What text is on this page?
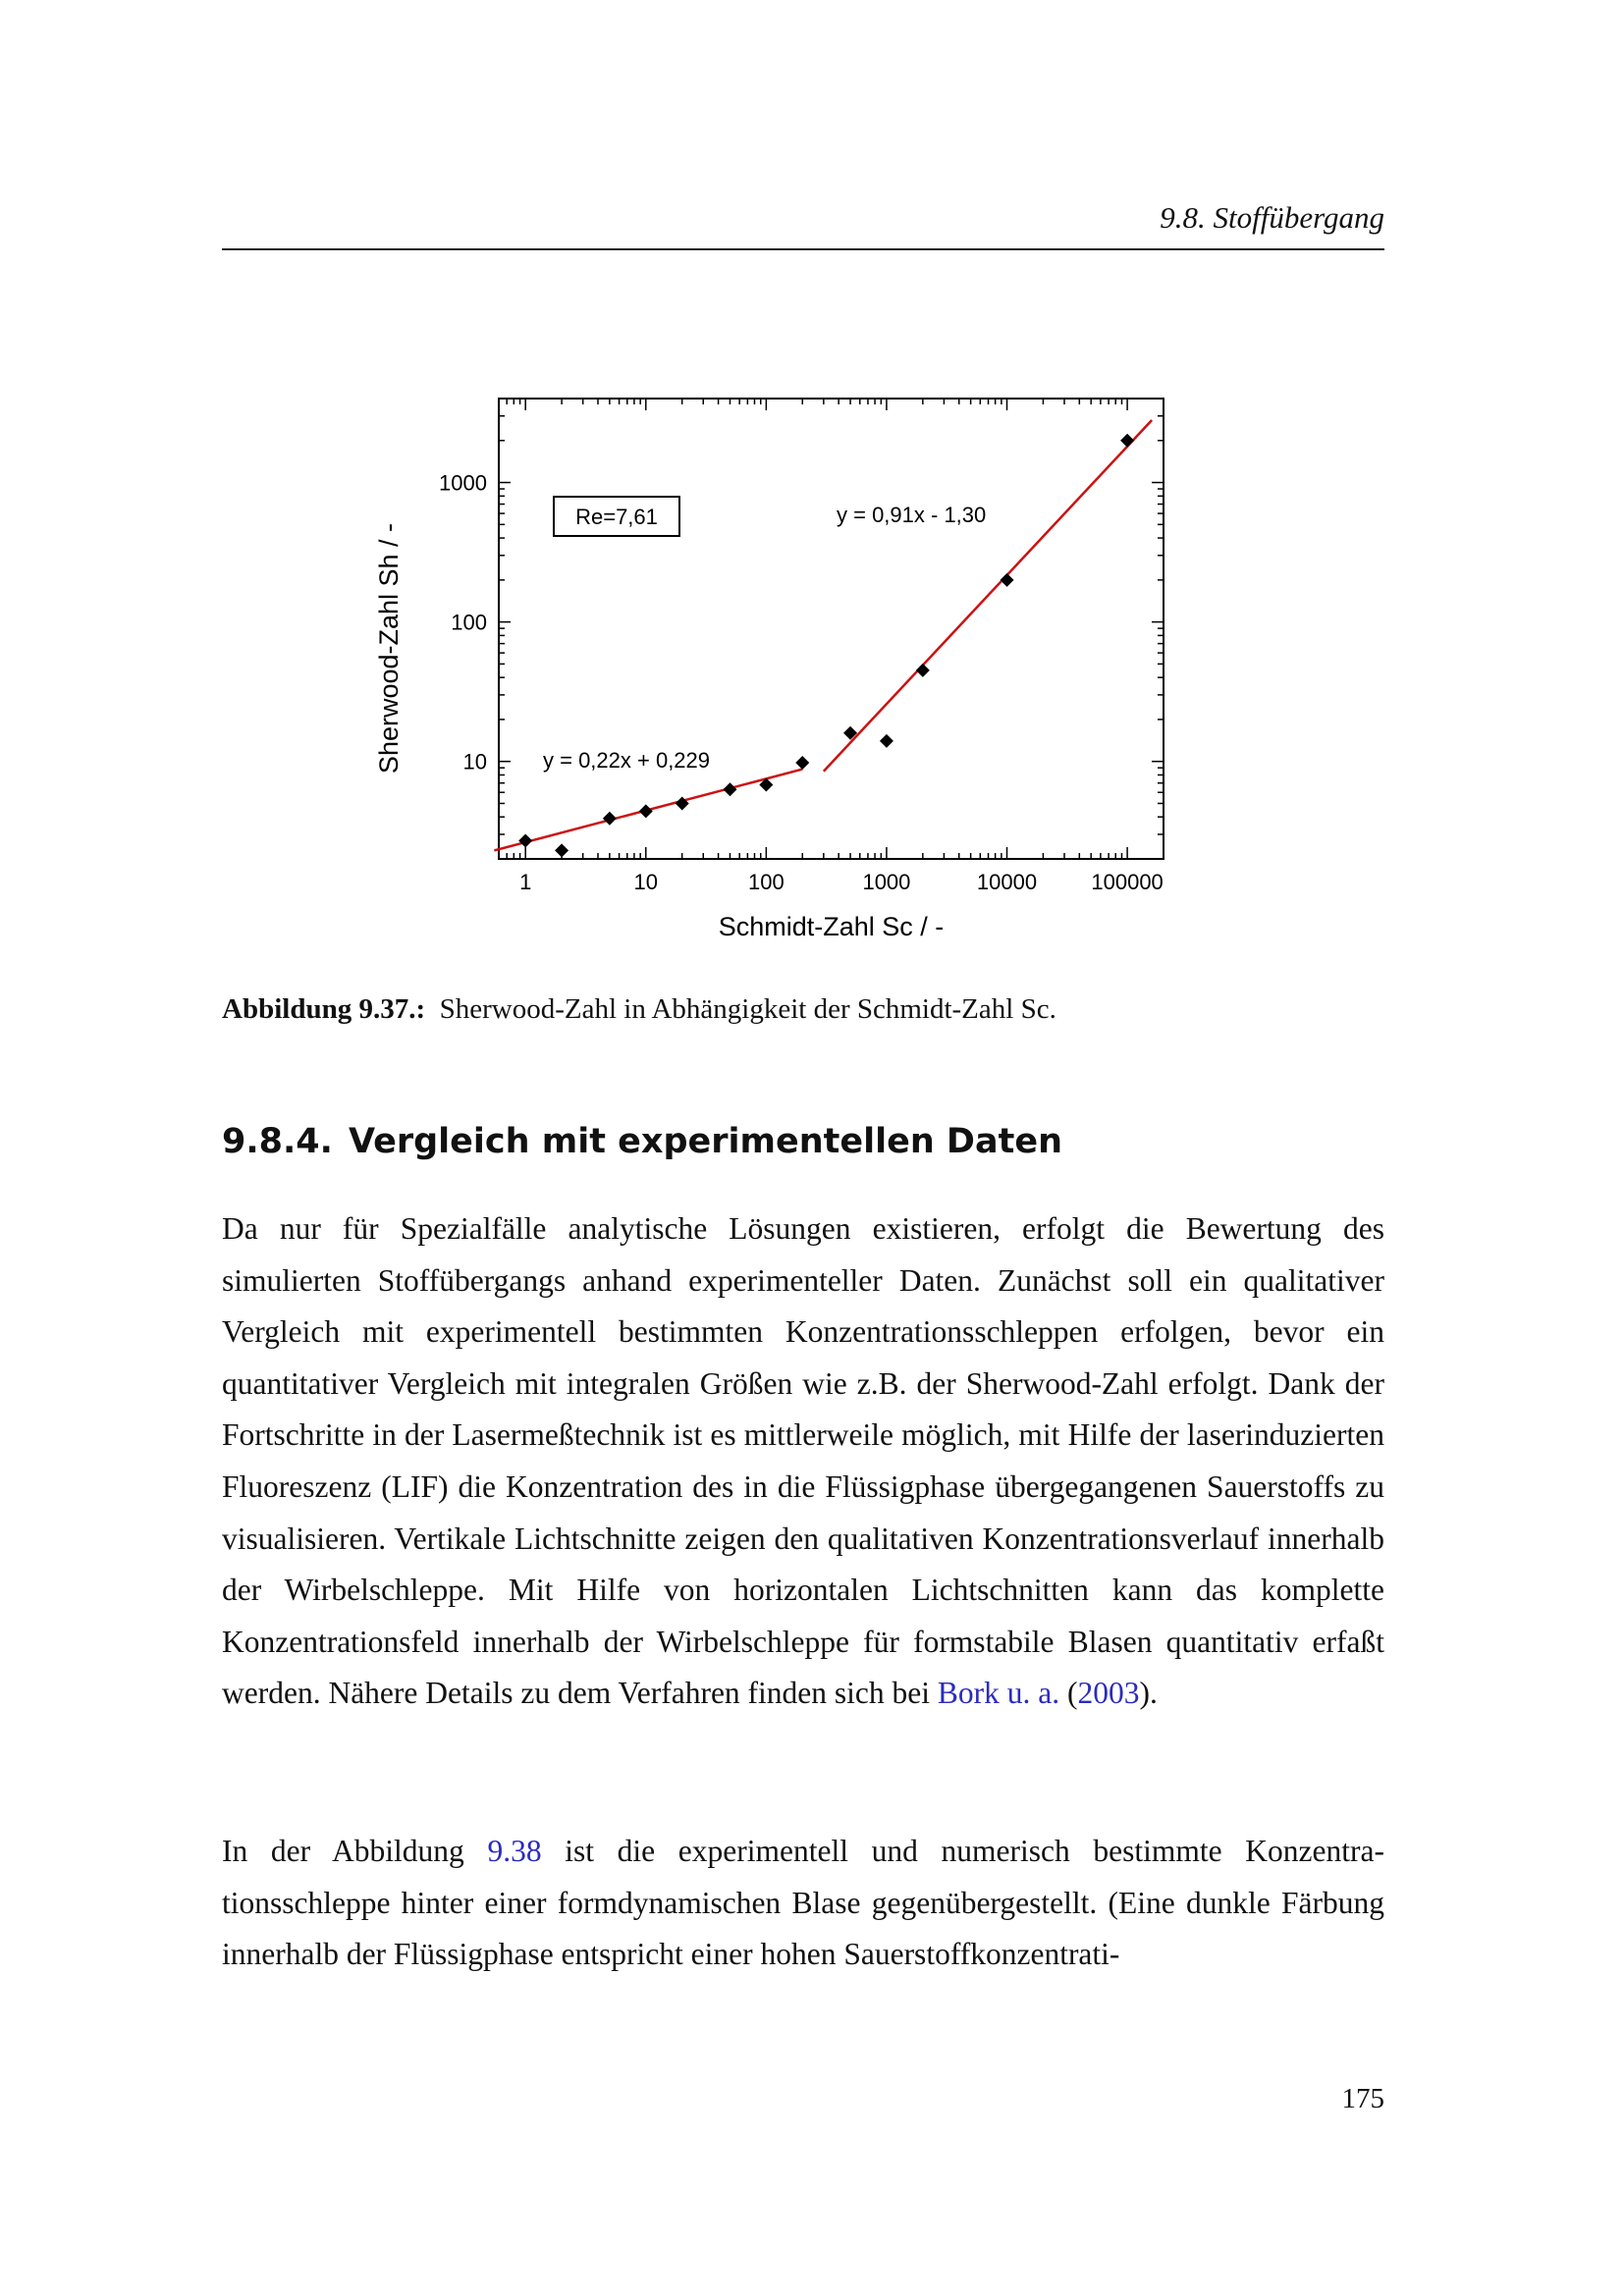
9.8. Stoffübergang
1	10	100	1000	10000	100000
10
100
1000
Schmidt-Zahl Sc / -
Sherwood-Zahl Sh / -	y = 0,22x + 0,229
y = 0,91x - 1,30
Re=7,61
Abbildung 9.37.: Sherwood-Zahl in Abhängigkeit der Schmidt-Zahl Sc.
9.8.4. Vergleich mit experimentellen Daten

Da nur für Spezialfälle analytische Lösungen existieren, erfolgt die Bewertung des simulierten Stoffübergangs anhand experimenteller Daten. Zunächst soll ein qualitativer Vergleich mit experimentell bestimmten Konzentrationsschleppen erfolgen, bevor ein quantitativer Vergleich mit integralen Größen wie z.B. der Sherwood-Zahl erfolgt. Dank der Fortschritte in der Lasermeßtechnik ist es mittlerweile möglich, mit Hilfe der laserinduzierten Fluoreszenz (LIF) die Konzentration des in die Flüssigphase übergegangenen Sauerstoffs zu visualisieren. Vertikale Lichtschnitte zeigen den qualitativen Konzentrationsverlauf innerhalb der Wirbelschleppe. Mit Hilfe von horizontalen Lichtschnitten kann das komplette Konzentrationsfeld innerhalb der Wirbelschleppe für formstabile Blasen quantitativ erfaßt werden. Nähere Details zu dem Verfahren finden sich bei Bork u. a. (2003).

In der Abbildung 9.38 ist die experimentell und numerisch bestimmte Konzentrationsschleppe hinter einer formdynamischen Blase gegenübergestellt. (Eine dunkle Färbung innerhalb der Flüssigphase entspricht einer hohen Sauerstoffkonzentrati-

175
